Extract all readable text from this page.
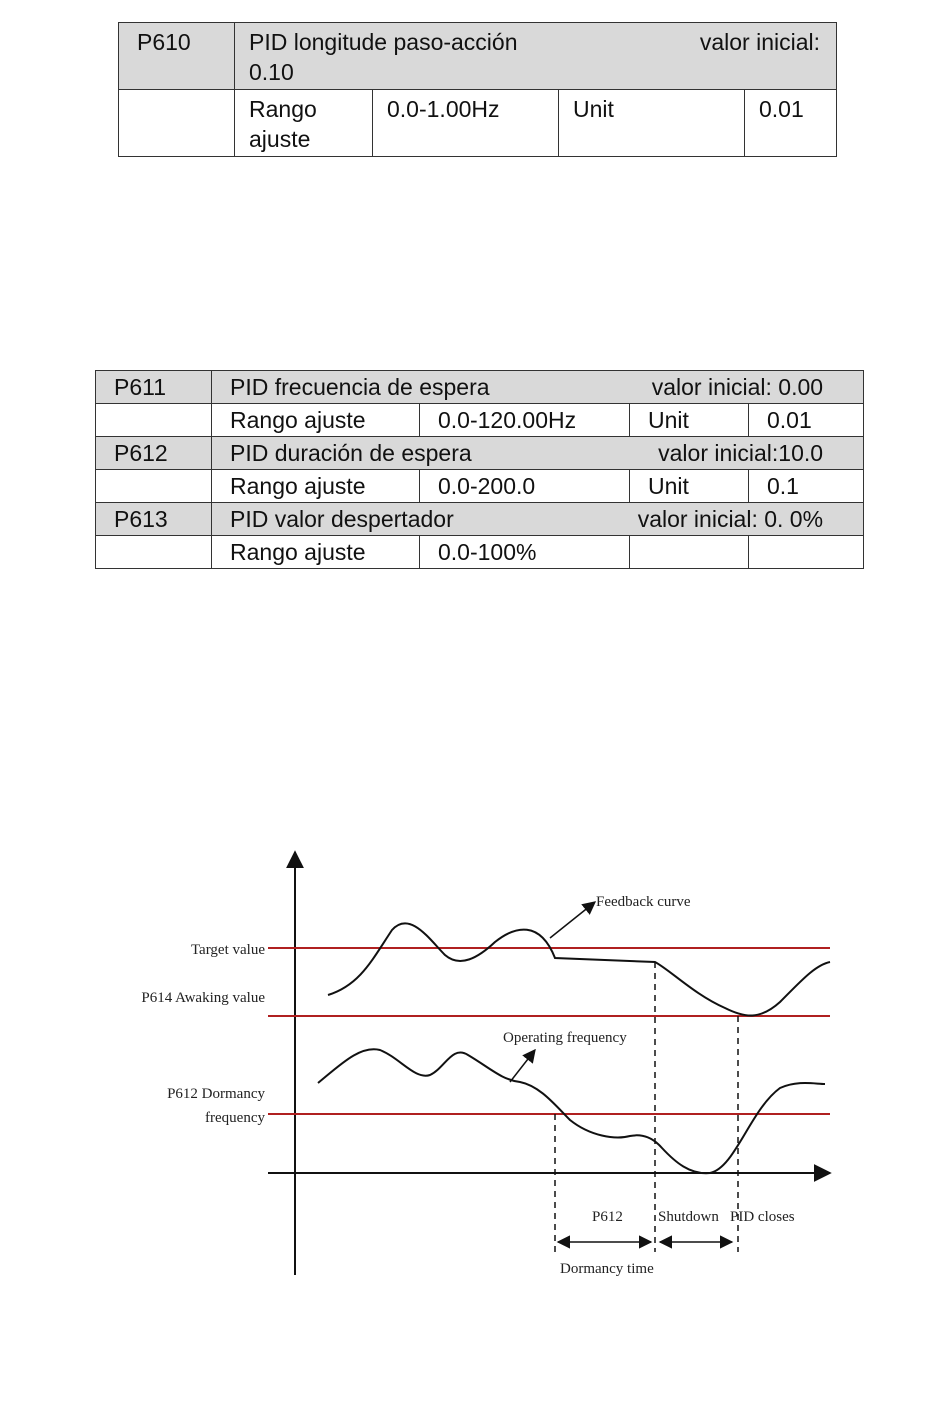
P610	PID longitude paso-acción valor inicial:
0.10			

	Rango ajuste	0.0-1.00Hz	Unit	0.01
P611	PID frecuencia de espera valor inicial: 0.00			

	Rango ajuste	0.0-120.00Hz	Unit	0.01
P612	PID duración de espera valor inicial:10.0			

	Rango ajuste	0.0-200.0	Unit	0.1
P613	PID valor despertador valor inicial: 0. 0%			

	Rango ajuste	0.0-100%		
Feedback curve
Target value
P614 Awaking value
Operating frequency
P612 Dormancy
frequency
P612 Shutdown PID closes
Dormancy time
